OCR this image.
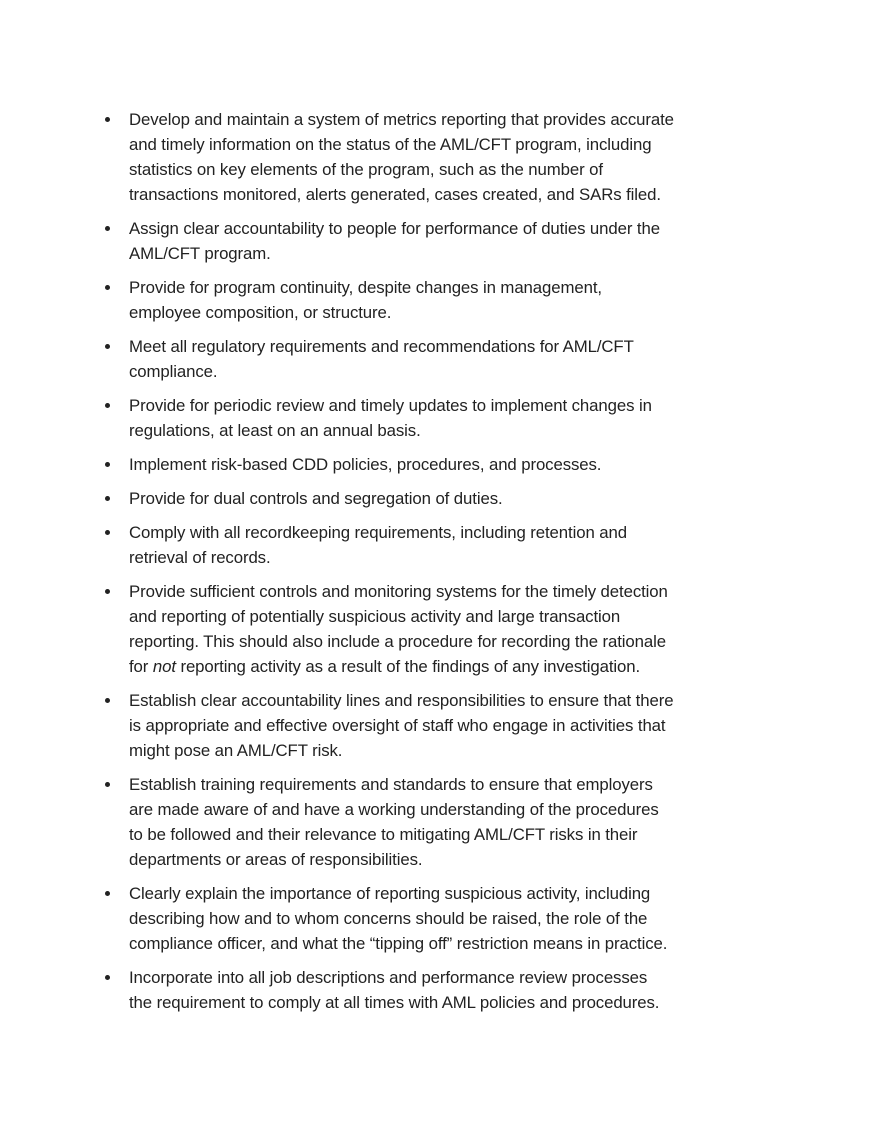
Develop and maintain a system of metrics reporting that provides accurate
and timely information on the status of the AML/CFT program, including
statistics on key elements of the program, such as the number of
transactions monitored, alerts generated, cases created, and SARs filed.
Assign clear accountability to people for performance of duties under the
AML/CFT program.
Provide for program continuity, despite changes in management,
employee composition, or structure.
Meet all regulatory requirements and recommendations for AML/CFT
compliance.
Provide for periodic review and timely updates to implement changes in
regulations, at least on an annual basis.
Implement risk-based CDD policies, procedures, and processes.
Provide for dual controls and segregation of duties.
Comply with all recordkeeping requirements, including retention and
retrieval of records.
Provide sufficient controls and monitoring systems for the timely detection
and reporting of potentially suspicious activity and large transaction
reporting. This should also include a procedure for recording the rationale
for not reporting activity as a result of the findings of any investigation.
Establish clear accountability lines and responsibilities to ensure that there
is appropriate and effective oversight of staff who engage in activities that
might pose an AML/CFT risk.
Establish training requirements and standards to ensure that employers
are made aware of and have a working understanding of the procedures
to be followed and their relevance to mitigating AML/CFT risks in their
departments or areas of responsibilities.
Clearly explain the importance of reporting suspicious activity, including
describing how and to whom concerns should be raised, the role of the
compliance officer, and what the “tipping off” restriction means in practice.
Incorporate into all job descriptions and performance review processes
the requirement to comply at all times with AML policies and procedures.
